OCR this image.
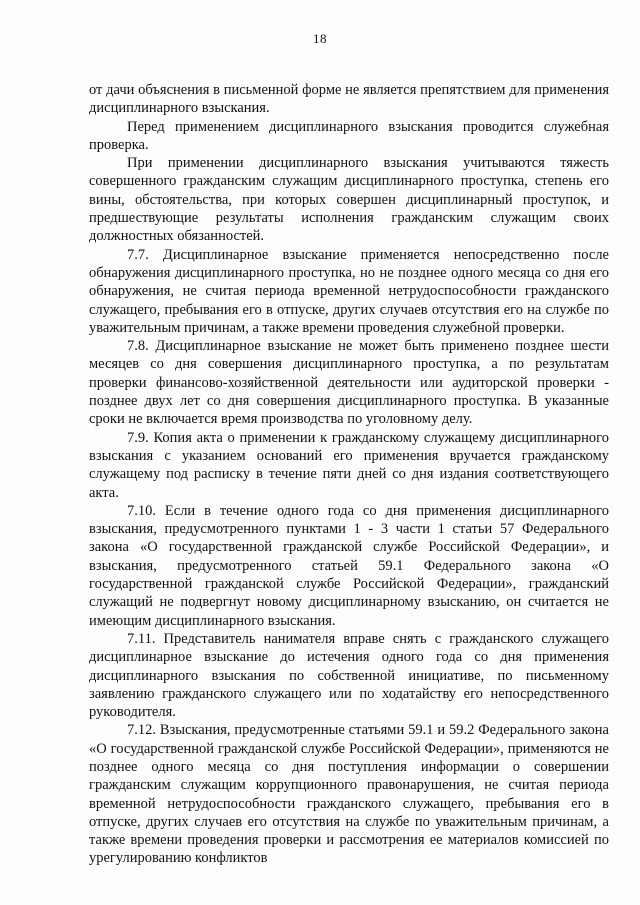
18

от дачи объяснения в письменной форме не является препятствием для применения дисциплинарного взыскания.

Перед применением дисциплинарного взыскания проводится служебная проверка.

При применении дисциплинарного взыскания учитываются тяжесть совершенного гражданским служащим дисциплинарного проступка, степень его вины, обстоятельства, при которых совершен дисциплинарный проступок, и предшествующие результаты исполнения гражданским служащим своих должностных обязанностей.

7.7. Дисциплинарное взыскание применяется непосредственно после обнаружения дисциплинарного проступка, но не позднее одного месяца со дня его обнаружения, не считая периода временной нетрудоспособности гражданского служащего, пребывания его в отпуске, других случаев отсутствия его на службе по уважительным причинам, а также времени проведения служебной проверки.

7.8. Дисциплинарное взыскание не может быть применено позднее шести месяцев со дня совершения дисциплинарного проступка, а по результатам проверки финансово-хозяйственной деятельности или аудиторской проверки - позднее двух лет со дня совершения дисциплинарного проступка. В указанные сроки не включается время производства по уголовному делу.

7.9. Копия акта о применении к гражданскому служащему дисциплинарного взыскания с указанием оснований его применения вручается гражданскому служащему под расписку в течение пяти дней со дня издания соответствующего акта.

7.10. Если в течение одного года со дня применения дисциплинарного взыскания, предусмотренного пунктами 1 - 3 части 1 статьи 57 Федерального закона «О государственной гражданской службе Российской Федерации», и взыскания, предусмотренного статьей 59.1 Федерального закона «О государственной гражданской службе Российской Федерации», гражданский служащий не подвергнут новому дисциплинарному взысканию, он считается не имеющим дисциплинарного взыскания.

7.11. Представитель нанимателя вправе снять с гражданского служащего дисциплинарное взыскание до истечения одного года со дня применения дисциплинарного взыскания по собственной инициативе, по письменному заявлению гражданского служащего или по ходатайству его непосредственного руководителя.

7.12. Взыскания, предусмотренные статьями 59.1 и 59.2 Федерального закона «О государственной гражданской службе Российской Федерации», применяются не позднее одного месяца со дня поступления информации о совершении гражданским служащим коррупционного правонарушения, не считая периода временной нетрудоспособности гражданского служащего, пребывания его в отпуске, других случаев его отсутствия на службе по уважительным причинам, а также времени проведения проверки и рассмотрения ее материалов комиссией по урегулированию конфликтов
